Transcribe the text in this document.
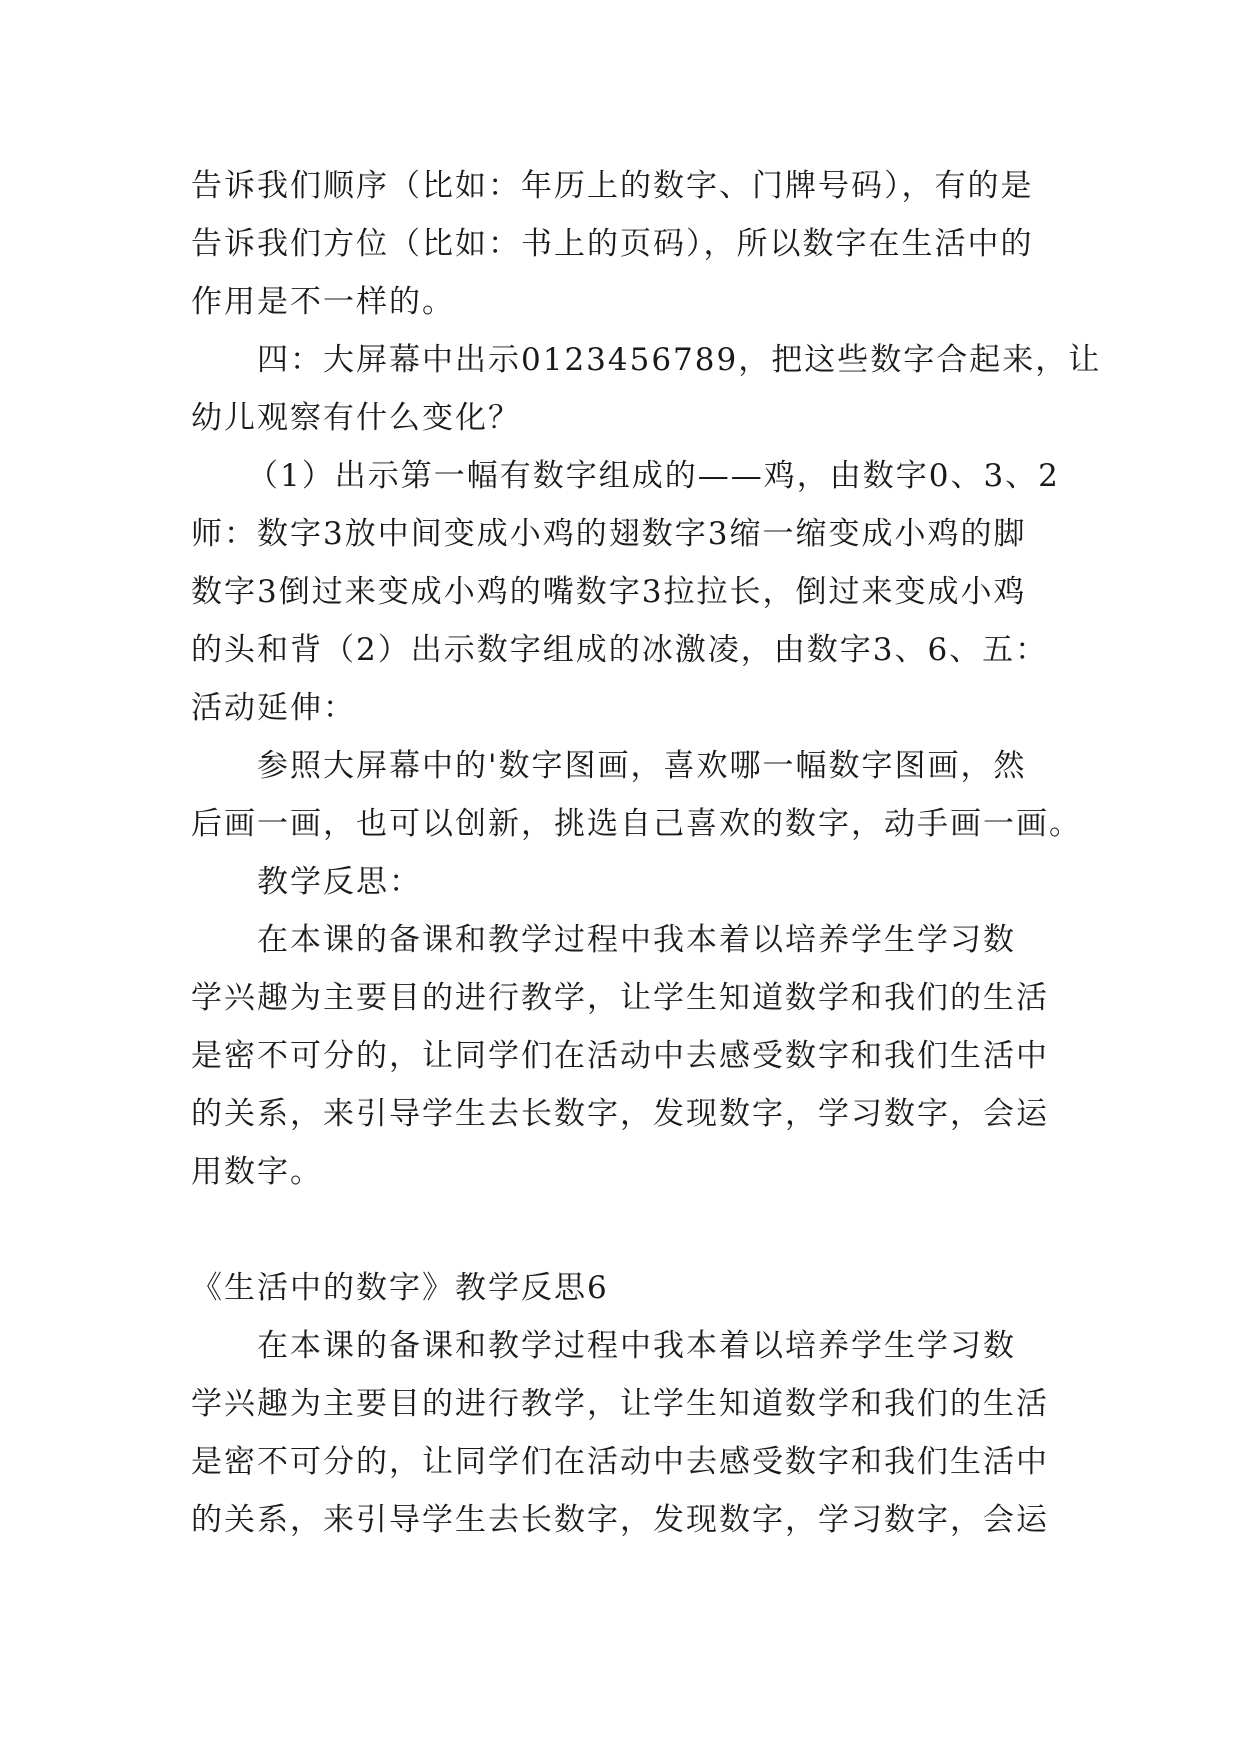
告诉我们顺序（比如：年历上的数字、门牌号码），有的是
告诉我们方位（比如：书上的页码），所以数字在生活中的
作用是不一样的。
四：大屏幕中出示0123456789，把这些数字合起来，让
幼儿观察有什么变化？
（1）出示第一幅有数字组成的——鸡，由数字0、3、2
师：数字3放中间变成小鸡的翅数字3缩一缩变成小鸡的脚
数字3倒过来变成小鸡的嘴数字3拉拉长，倒过来变成小鸡
的头和背（2）出示数字组成的冰激凌，由数字3、6、五：
活动延伸：
参照大屏幕中的'数字图画，喜欢哪一幅数字图画，然
后画一画，也可以创新，挑选自己喜欢的数字，动手画一画。
教学反思：
在本课的备课和教学过程中我本着以培养学生学习数
学兴趣为主要目的进行教学，让学生知道数学和我们的生活
是密不可分的，让同学们在活动中去感受数字和我们生活中
的关系，来引导学生去长数字，发现数字，学习数字，会运
用数字。
《生活中的数字》教学反思6
在本课的备课和教学过程中我本着以培养学生学习数
学兴趣为主要目的进行教学，让学生知道数学和我们的生活
是密不可分的，让同学们在活动中去感受数字和我们生活中
的关系，来引导学生去长数字，发现数字，学习数字，会运
